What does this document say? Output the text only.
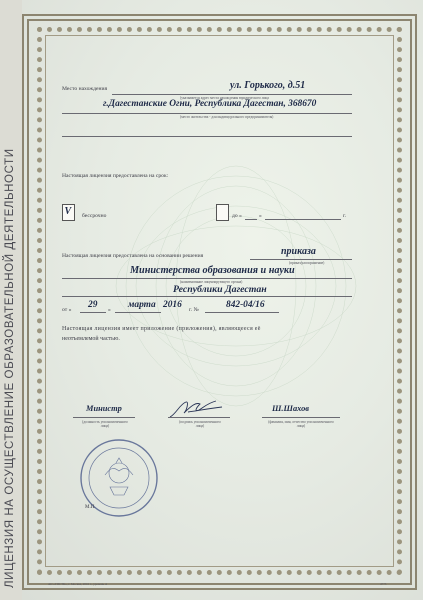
ЛИЦЕНЗИЯ НА ОСУЩЕСТВЛЕНИЕ ОБРАЗОВАТЕЛЬНОЙ ДЕЯТЕЛЬНОСТИ
Место нахождения	ул. Горького, д.51
(указывается адрес места нахождения юридического лица
г.Дагестанские Огни, Республика Дагестан, 368670
(место жительства - для индивидуального предпринимателя)
Настоящая лицензия предоставлена на срок:
V бессрочно	до «	»	г.
Настоящая лицензия предоставлена на основании решения	приказа
(приказ/распоряжение)
Министерства образования и науки
(наименование лицензирующего органа)
Республики Дагестан
от « 29 » марта 2016 г. №	842-04/16
Настоящая лицензия имеет приложение (приложения), являющееся её
неотъемлемой частью.
Министр
(должность уполномоченного лица)
(подпись уполномоченного лица)
Ш.Шахов
(фамилия, имя, отчество уполномоченного лица)
М.П.
АО «ГИСТК», г. Москва, 2016 г., уровень А	4773
